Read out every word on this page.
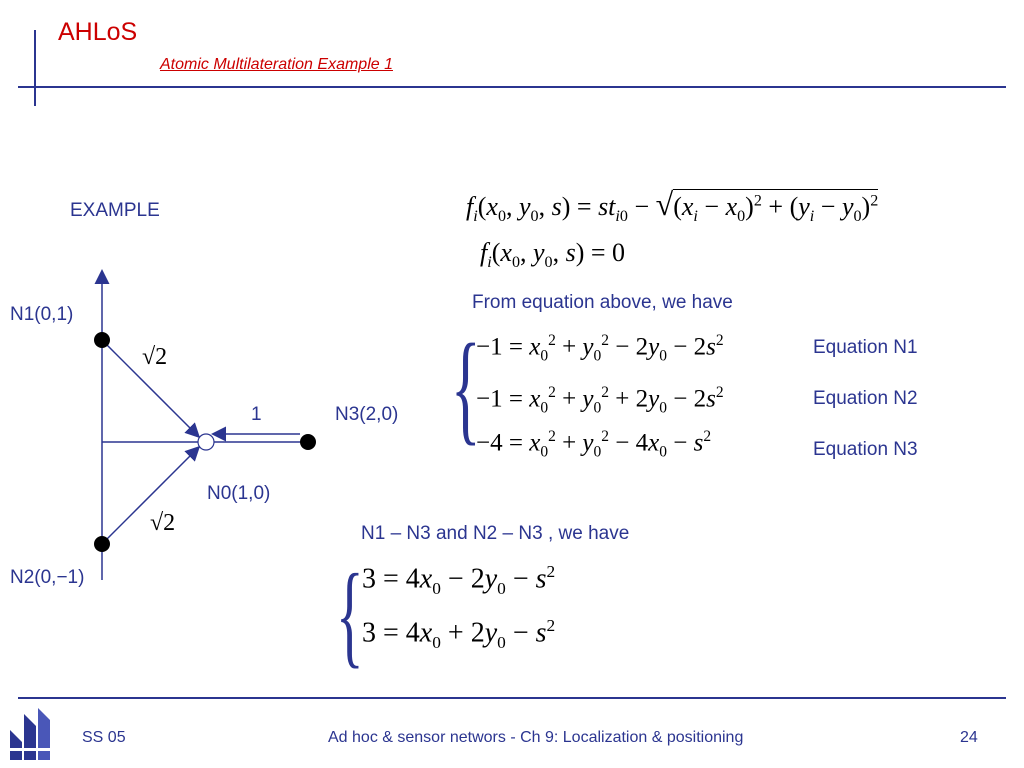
AHLoS
Atomic Multilateration Example 1
EXAMPLE
N1(0,1)
N2(0,−1)
N3(2,0)
N0(1,0)
1
√2
√2
$f_i(x_0$, $y_0$, $s) = st_{i0} - √(x_i - x_0)^2 + (y_i - y_0)^2$
$f_i(x_0$, $y_0$, s) = 0
From equation above, we have
{
$-1 = x_0^2 + y_0^2 - 2y_0 - 2s^2$
$-1 = x_0^2 + y_0^2 + 2y_0 - 2s^2$
$-4 = x_0^2 + y_0^2 - 4x_0 - s^2$
Equation N1
Equation N2
Equation N3
N1 – N3 and N2 – N3 , we have
{
$3 = 4x_0 - 2y_0 - s^2$
$3 = 4x_0 + 2y_0 - s^2$
SS 05	Ad hoc & sensor networs - Ch 9: Localization & positioning	24
